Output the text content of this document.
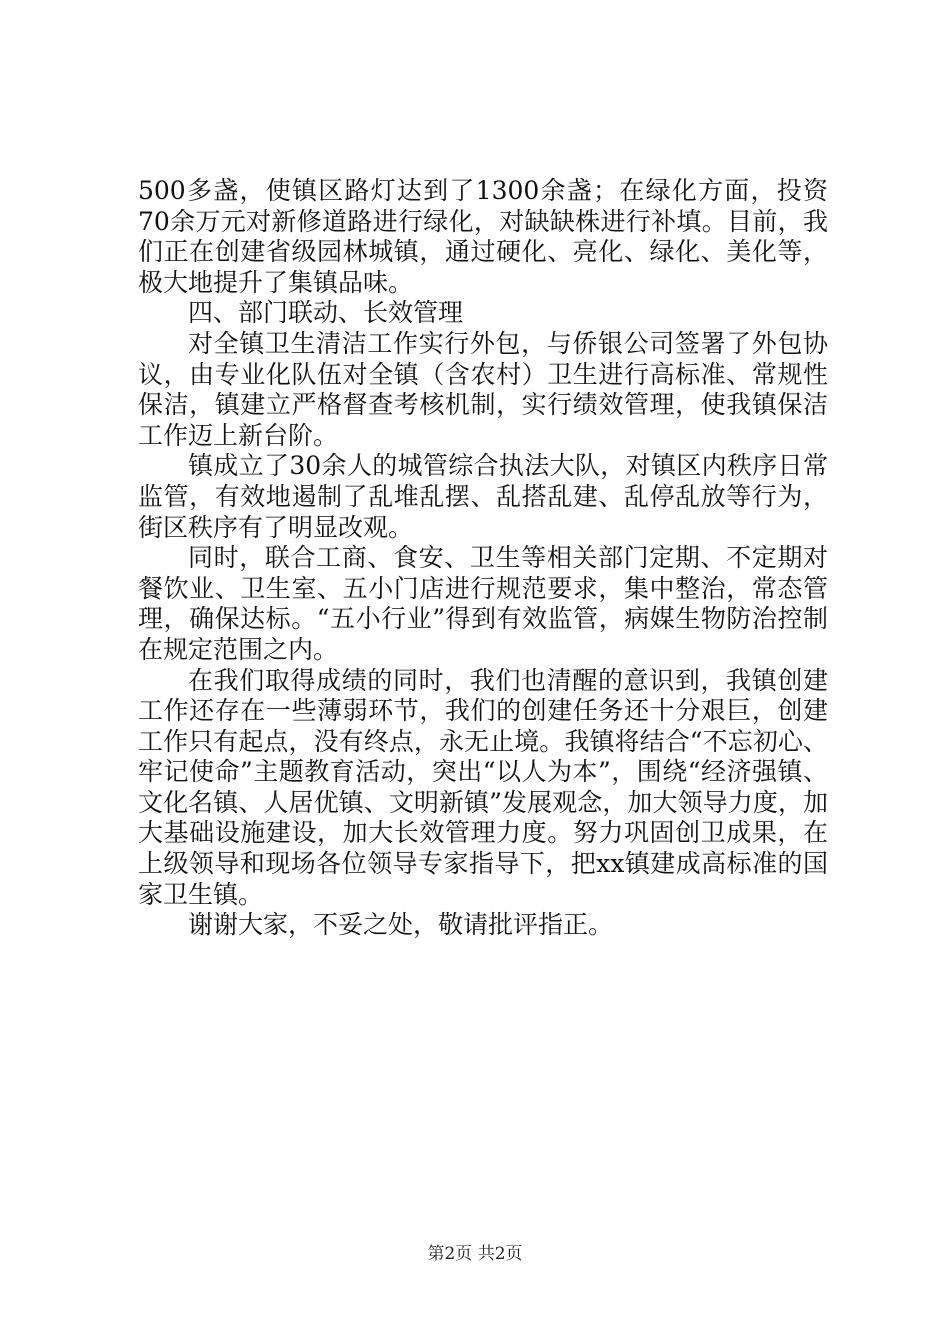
500多盏，使镇区路灯达到了1300余盏；在绿化方面，投资70余万元对新修道路进行绿化，对缺缺株进行补填。目前，我们正在创建省级园林城镇，通过硬化、亮化、绿化、美化等，极大地提升了集镇品味。

四、部门联动、长效管理

对全镇卫生清洁工作实行外包，与侨银公司签署了外包协议，由专业化队伍对全镇（含农村）卫生进行高标准、常规性保洁，镇建立严格督查考核机制，实行绩效管理，使我镇保洁工作迈上新台阶。

镇成立了30余人的城管综合执法大队，对镇区内秩序日常监管，有效地遏制了乱堆乱摆、乱搭乱建、乱停乱放等行为，街区秩序有了明显改观。

同时，联合工商、食安、卫生等相关部门定期、不定期对餐饮业、卫生室、五小门店进行规范要求，集中整治，常态管理，确保达标。“五小行业”得到有效监管，病媒生物防治控制在规定范围之内。

在我们取得成绩的同时，我们也清醒的意识到，我镇创建工作还存在一些薄弱环节，我们的创建任务还十分艰巨，创建工作只有起点，没有终点，永无止境。我镇将结合“不忘初心、牢记使命”主题教育活动，突出“以人为本”，围绕“经济强镇、文化名镇、人居优镇、文明新镇”发展观念，加大领导力度，加大基础设施建设，加大长效管理力度。努力巩固创卫成果，在上级领导和现场各位领导专家指导下，把xx镇建成高标准的国家卫生镇。

谢谢大家，不妥之处，敬请批评指正。

第2页 共2页
